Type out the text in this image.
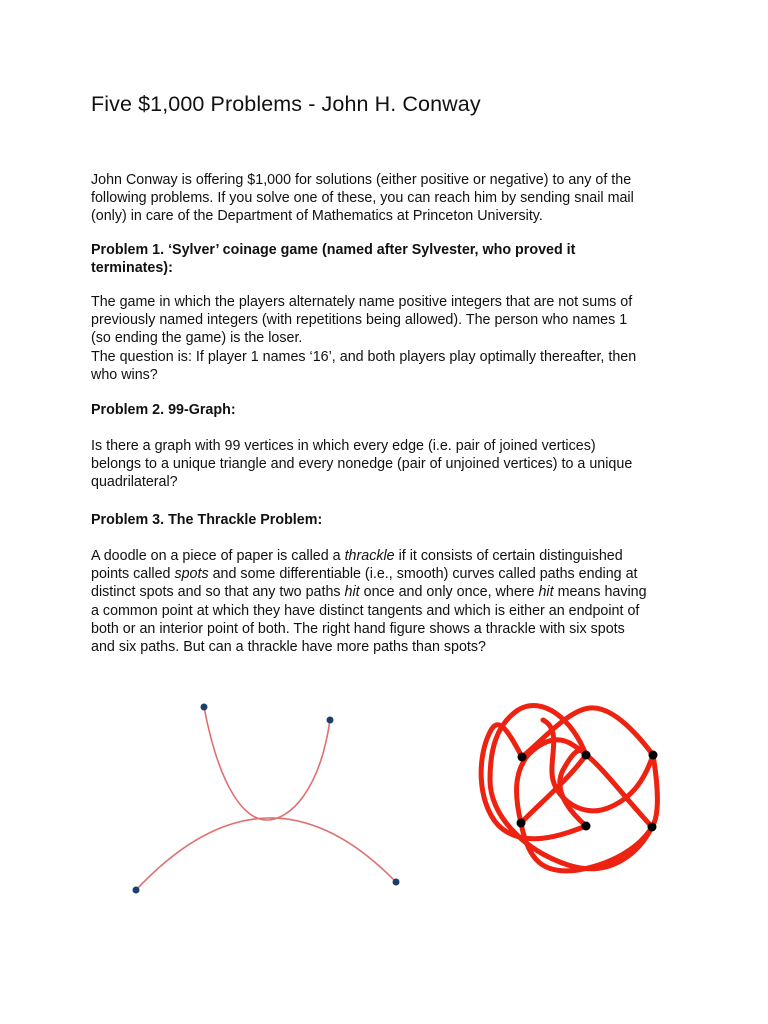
Five $1,000 Problems - John H. Conway

John Conway is offering $1,000 for solutions (either positive or negative) to any of the
following problems. If you solve one of these, you can reach him by sending snail mail
(only) in care of the Department of Mathematics at Princeton University.

Problem 1. ‘Sylver’ coinage game (named after Sylvester, who proved it
terminates):

The game in which the players alternately name positive integers that are not sums of
previously named integers (with repetitions being allowed). The person who names 1
(so ending the game) is the loser.
The question is: If player 1 names ‘16’, and both players play optimally thereafter, then
who wins?

Problem 2. 99-Graph:

Is there a graph with 99 vertices in which every edge (i.e. pair of joined vertices)
belongs to a unique triangle and every nonedge (pair of unjoined vertices) to a unique
quadrilateral?

Problem 3. The Thrackle Problem:

A doodle on a piece of paper is called a thrackle if it consists of certain distinguished
points called spots and some differentiable (i.e., smooth) curves called paths ending at
distinct spots and so that any two paths hit once and only once, where hit means having
a common point at which they have distinct tangents and which is either an endpoint of
both or an interior point of both. The right hand figure shows a thrackle with six spots
and six paths. But can a thrackle have more paths than spots?
